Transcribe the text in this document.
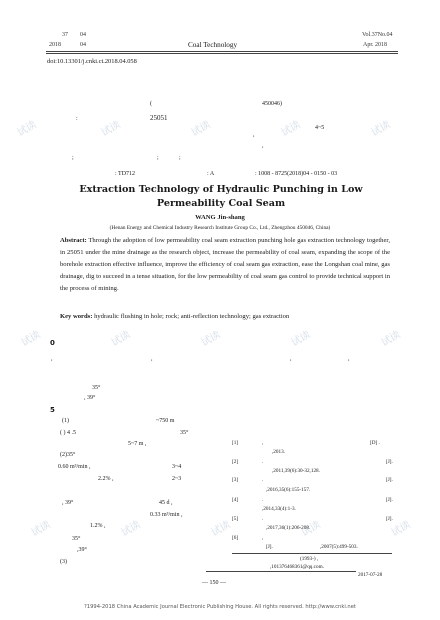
试读	试读	试读	试读	试读
试读	试读	试读	试读	试读
试读	试读	试读	试读	试读
37 04
2018	04	Coal Technology
Vol.37No.04
Apr. 2018
doi:10.13301/j.cnki.ct.2018.04.058
(	450046)
:	25051
,
4~5
,
;	;	;
: TD712	: A	: 1008 - 8725(2018)04 - 0150 - 03
Extraction Technology of Hydraulic Punching in Low Permeability Coal Seam
WANG Jin-shang
(Henan Energy and Chemical Industry Research Institute Group Co., Ltd., Zhengzhou 450046, China)
Abstract: Through the adoption of low permeability coal seam extraction punching hole gas extraction technology together, in 25051 under the mine drainage as the research object, increase the permeability of coal seam, expanding the scope of the borehole extraction effective influence, improve the efficiency of coal seam gas extraction, ease the Longshan coal mine, gas drainage, dig to succeed in a tense situation, for the low permeability of coal seam gas control to provide technical support in the process of mining.
Key words: hydraulic flushing in hole; rock; anti-reflection technology; gas extraction
0
,	,	,	,
35°
, 39°
5
(1)	~750 m
( ) 4 .5	35°
5~7 m ,
(2)35°
0.60 m³/min ,	3~4
2.2% ,	2~3
, 39°	45 d ,
0.33 m³/min ,
1.2% ,
35°
,39°
(3)
[1]	,	[D] .
,2013.
[2]	.	[J].
,2011,39(6):30-32,128.
[3]	.	[J].
,2016,35(6):155-157.
[4]	.	[J].
,2014,33(4):1-3.
[5]	.	[J].
,2017,36(1):206-208.
[6]	,
[J].	,2007(5):499-503.
(1993-) ,
,101376468361@qq.com.
2017-07-28
— 150 —
?1994-2018 China Academic Journal Electronic Publishing House. All rights reserved. http://www.cnki.net
